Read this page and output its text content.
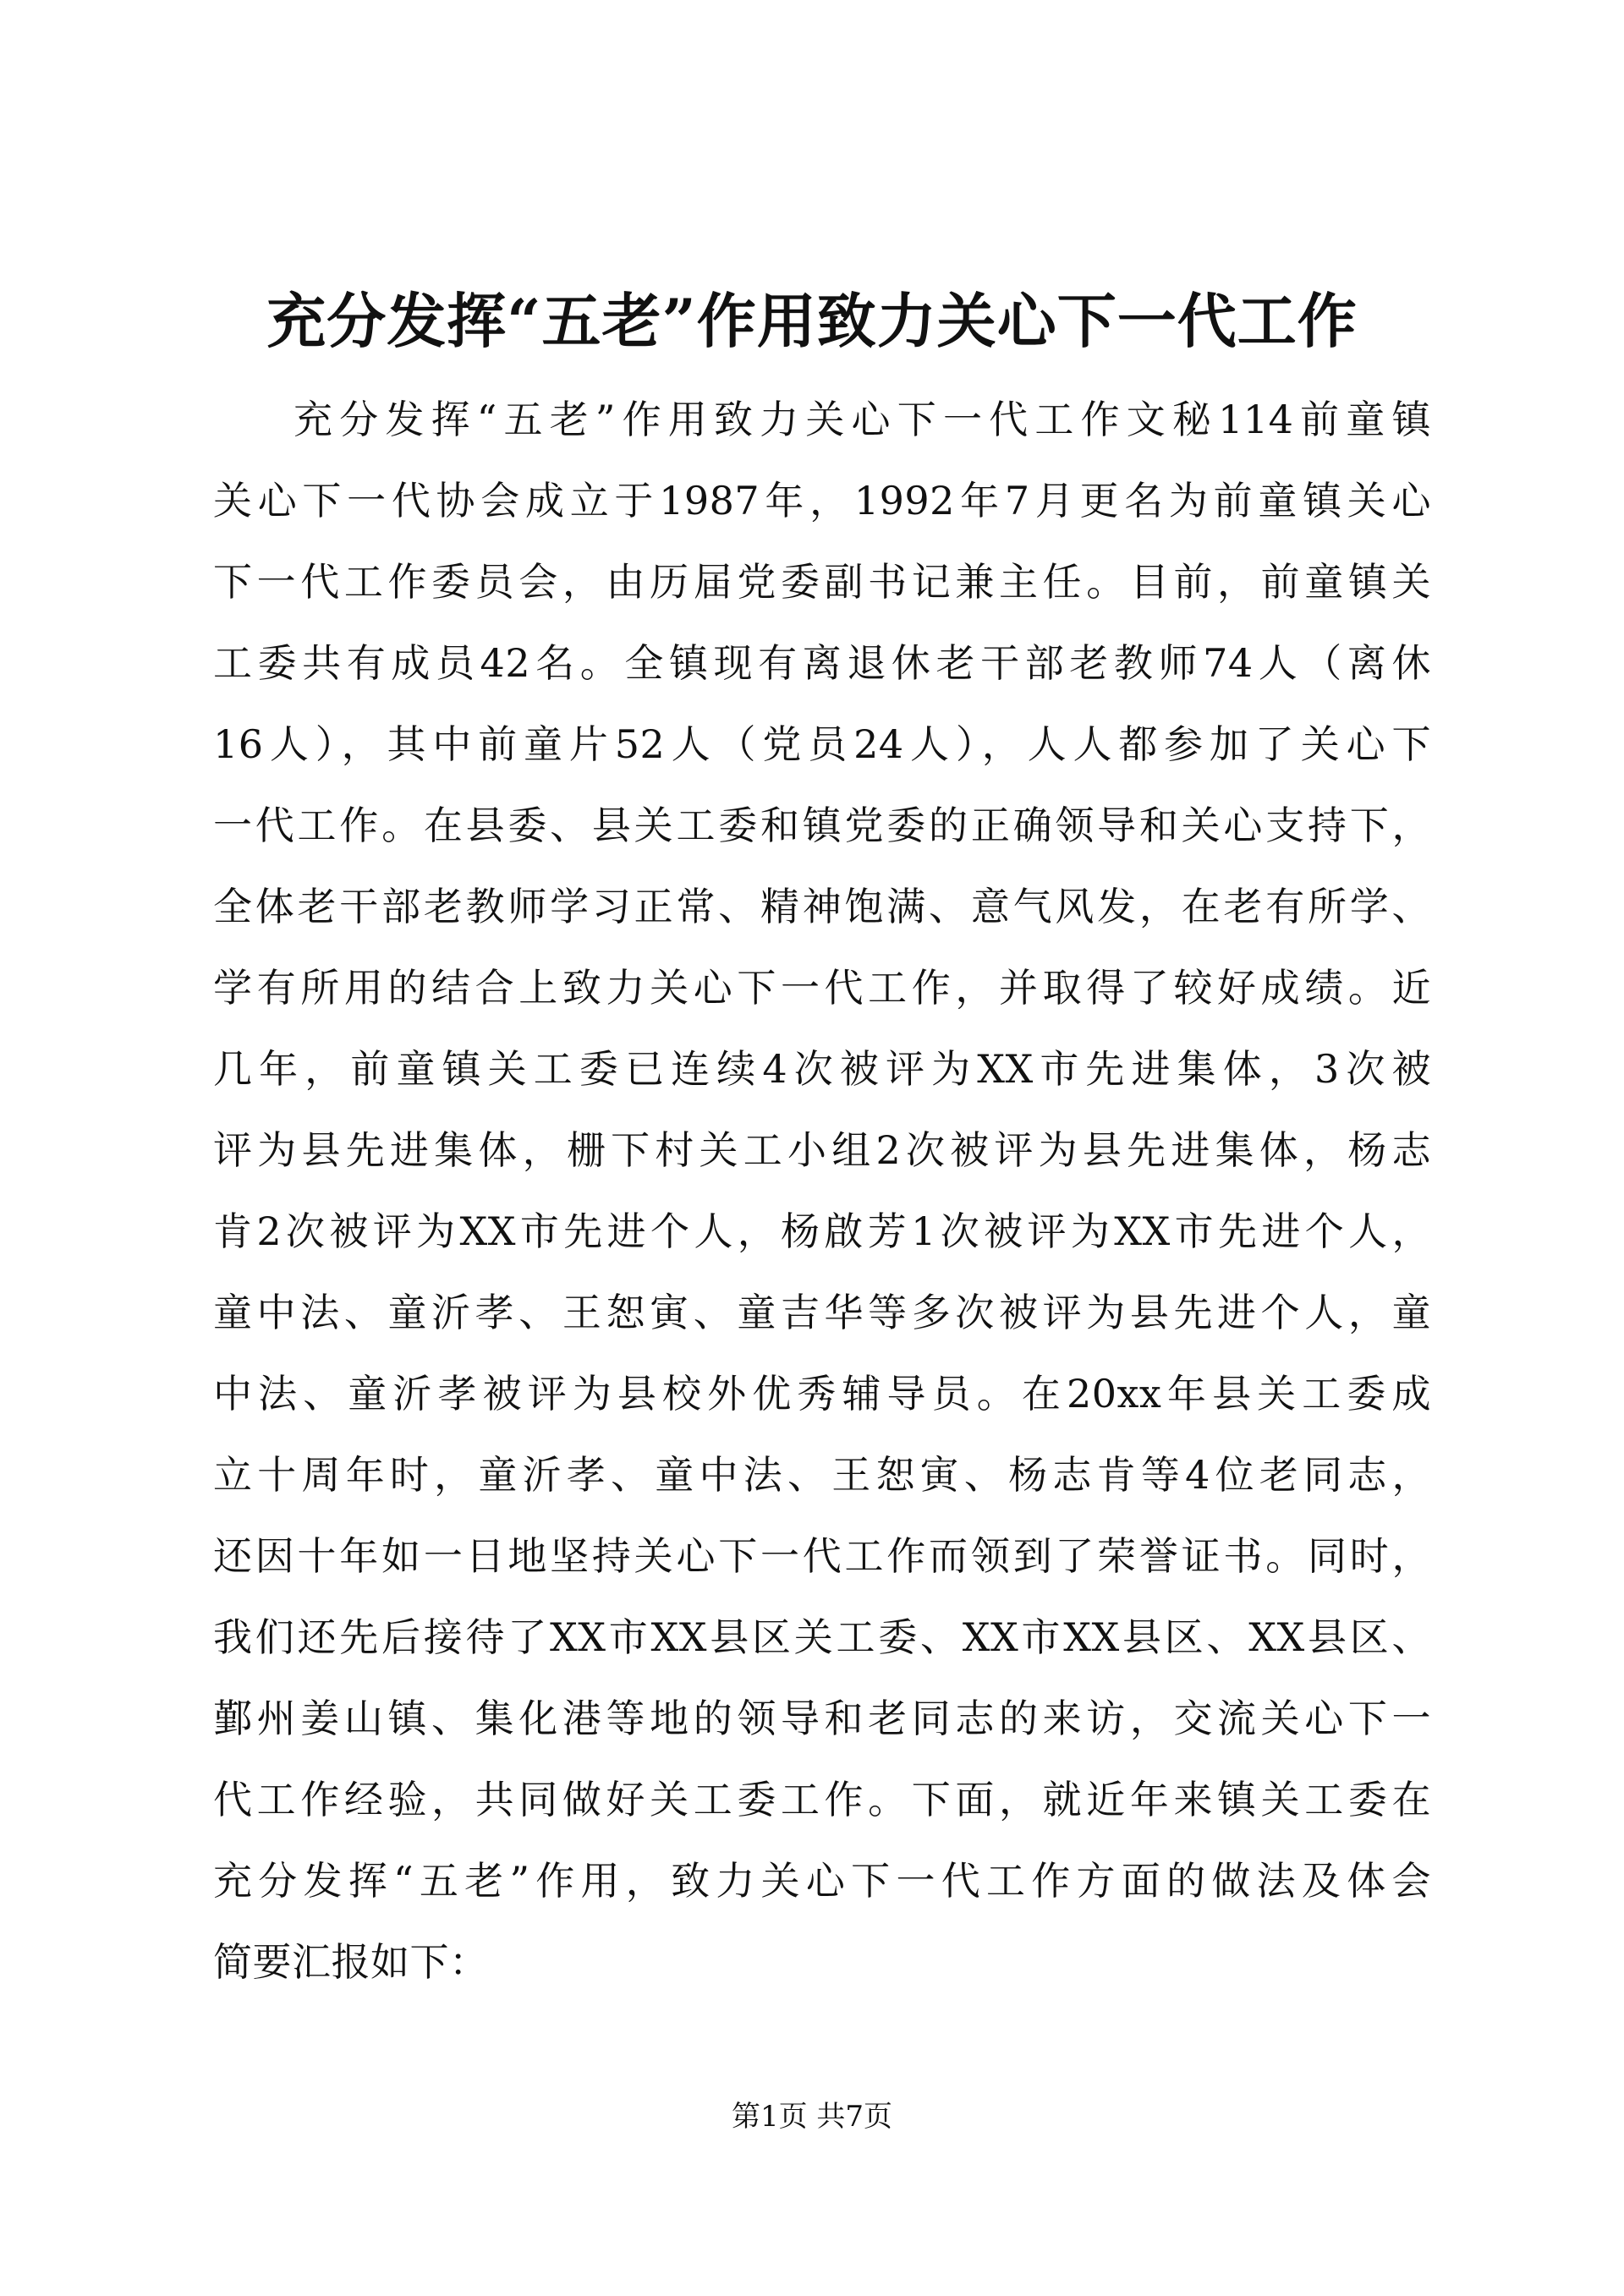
充分发挥“五老”作用致力关心下一代工作
充分发挥“五老”作用致力关心下一代工作文秘114前童镇
关心下一代协会成立于1987年，1992年7月更名为前童镇关心
下一代工作委员会，由历届党委副书记兼主任。目前，前童镇关
工委共有成员42名。全镇现有离退休老干部老教师74人（离休
16人），其中前童片52人（党员24人），人人都参加了关心下
一代工作。在县委、县关工委和镇党委的正确领导和关心支持下，
全体老干部老教师学习正常、精神饱满、意气风发，在老有所学、
学有所用的结合上致力关心下一代工作，并取得了较好成绩。近
几年，前童镇关工委已连续4次被评为XX市先进集体，3次被
评为县先进集体，栅下村关工小组2次被评为县先进集体，杨志
肯2次被评为XX市先进个人，杨啟芳1次被评为XX市先进个人，
童中法、童沂孝、王恕寅、童吉华等多次被评为县先进个人，童
中法、童沂孝被评为县校外优秀辅导员。在20xx年县关工委成
立十周年时，童沂孝、童中法、王恕寅、杨志肯等4位老同志，
还因十年如一日地坚持关心下一代工作而领到了荣誉证书。同时，
我们还先后接待了XX市XX县区关工委、XX市XX县区、XX县区、
鄞州姜山镇、集化港等地的领导和老同志的来访，交流关心下一
代工作经验，共同做好关工委工作。下面，就近年来镇关工委在
充分发挥“五老”作用，致力关心下一代工作方面的做法及体会
简要汇报如下：
第1页 共7页
